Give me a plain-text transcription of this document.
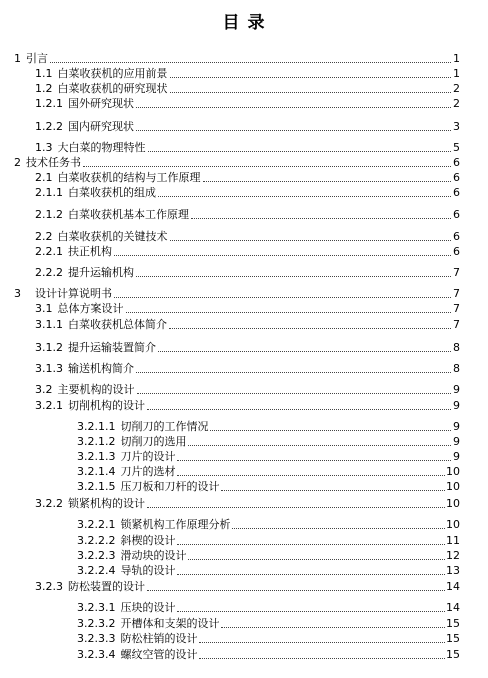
目 录
1 引言	1
1.1 白菜收获机的应用前景	1
1.2 白菜收获机的研究现状	2
1.2.1 国外研究现状	2
1.2.2 国内研究现状	3
1.3 大白菜的物理特性	5
2 技术任务书	6
2.1 白菜收获机的结构与工作原理	6
2.1.1 白菜收获机的组成	6
2.1.2 白菜收获机基本工作原理	6
2.2 白菜收获机的关键技术	6
2.2.1 扶正机构	6
2.2.2 提升运输机构	7
3 设计计算说明书	7
3.1 总体方案设计	7
3.1.1 白菜收获机总体简介	7
3.1.2 提升运输装置简介	8
3.1.3 输送机构简介	8
3.2 主要机构的设计	9
3.2.1 切削机构的设计	9
3.2.1.1 切削刀的工作情况	9
3.2.1.2 切削刀的选用	9
3.2.1.3 刀片的设计	9
3.2.1.4 刀片的选材	10
3.2.1.5 压刀板和刀杆的设计	10
3.2.2 锁紧机构的设计	10
3.2.2.1 锁紧机构工作原理分析	10
3.2.2.2 斜楔的设计	11
3.2.2.3 滑动块的设计	12
3.2.2.4 导轨的设计	13
3.2.3 防松装置的设计	14
3.2.3.1 压块的设计	14
3.2.3.2 开槽体和支架的设计	15
3.2.3.3 防松柱销的设计	15
3.2.3.4 螺纹空管的设计	15
